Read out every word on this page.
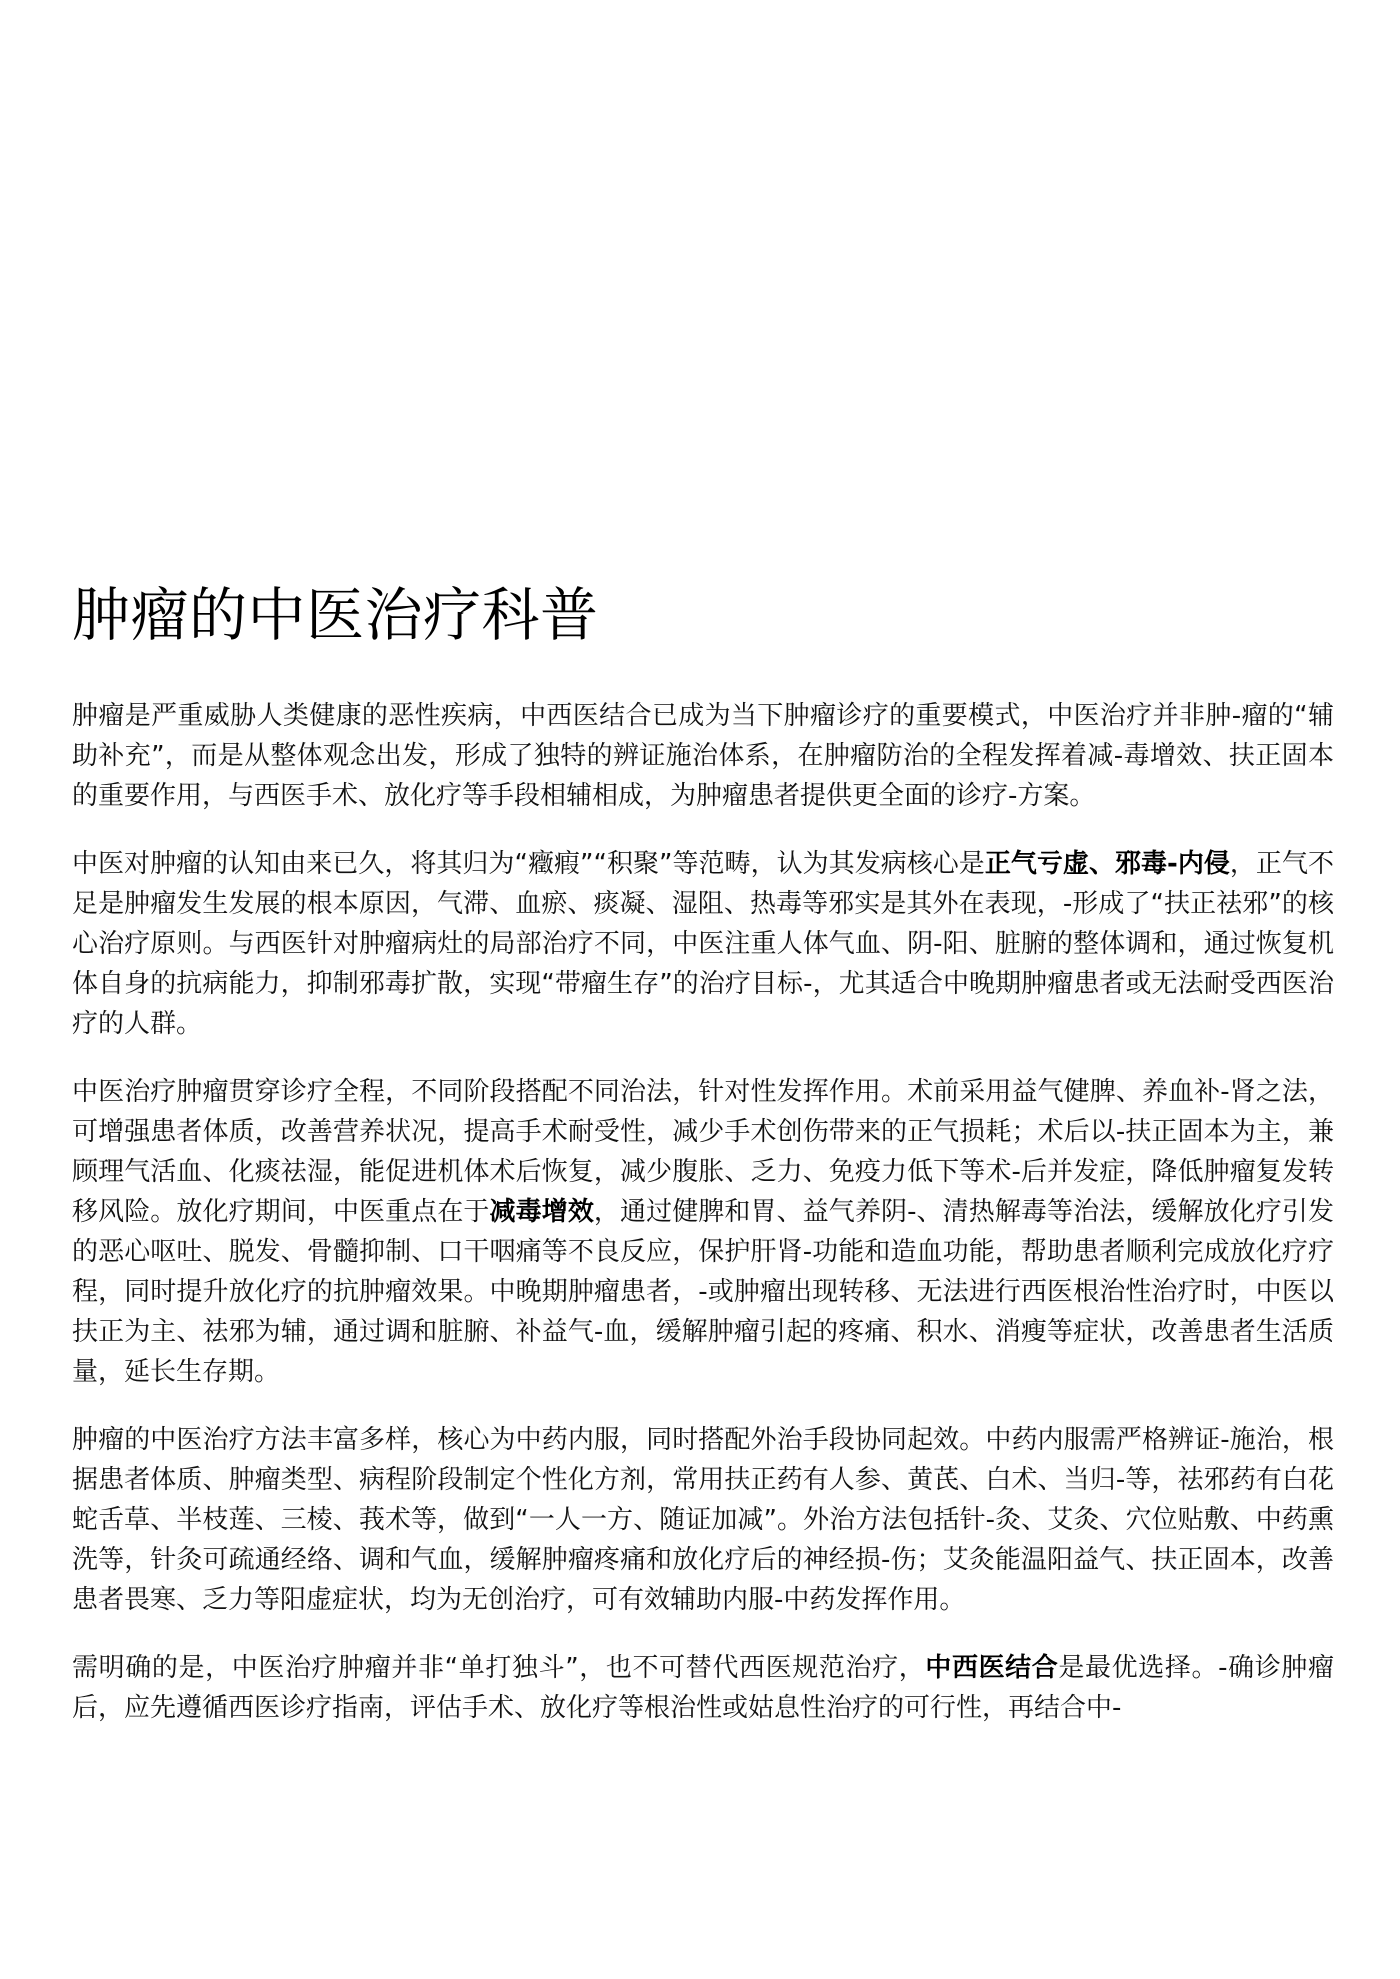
肿瘤的中医治疗科普

肿瘤是严重威胁人类健康的恶性疾病，中西医结合已成为当下肿瘤诊疗的重要模式，中医治疗并非肿-瘤的“辅助补充”，而是从整体观念出发，形成了独特的辨证施治体系，在肿瘤防治的全程发挥着减-毒增效、扶正固本的重要作用，与西医手术、放化疗等手段相辅相成，为肿瘤患者提供更全面的诊疗-方案。

中医对肿瘤的认知由来已久，将其归为“癥瘕”“积聚”等范畴，认为其发病核心是正气亏虚、邪毒-内侵，正气不足是肿瘤发生发展的根本原因，气滞、血瘀、痰凝、湿阻、热毒等邪实是其外在表现，-形成了“扶正祛邪”的核心治疗原则。与西医针对肿瘤病灶的局部治疗不同，中医注重人体气血、阴-阳、脏腑的整体调和，通过恢复机体自身的抗病能力，抑制邪毒扩散，实现“带瘤生存”的治疗目标-，尤其适合中晚期肿瘤患者或无法耐受西医治疗的人群。

中医治疗肿瘤贯穿诊疗全程，不同阶段搭配不同治法，针对性发挥作用。术前采用益气健脾、养血补-肾之法，可增强患者体质，改善营养状况，提高手术耐受性，减少手术创伤带来的正气损耗；术后以-扶正固本为主，兼顾理气活血、化痰祛湿，能促进机体术后恢复，减少腹胀、乏力、免疫力低下等术-后并发症，降低肿瘤复发转移风险。放化疗期间，中医重点在于减毒增效，通过健脾和胃、益气养阴-、清热解毒等治法，缓解放化疗引发的恶心呕吐、脱发、骨髓抑制、口干咽痛等不良反应，保护肝肾-功能和造血功能，帮助患者顺利完成放化疗疗程，同时提升放化疗的抗肿瘤效果。中晚期肿瘤患者，-或肿瘤出现转移、无法进行西医根治性治疗时，中医以扶正为主、祛邪为辅，通过调和脏腑、补益气-血，缓解肿瘤引起的疼痛、积水、消瘦等症状，改善患者生活质量，延长生存期。

肿瘤的中医治疗方法丰富多样，核心为中药内服，同时搭配外治手段协同起效。中药内服需严格辨证-施治，根据患者体质、肿瘤类型、病程阶段制定个性化方剂，常用扶正药有人参、黄芪、白术、当归-等，祛邪药有白花蛇舌草、半枝莲、三棱、莪术等，做到“一人一方、随证加减”。外治方法包括针-灸、艾灸、穴位贴敷、中药熏洗等，针灸可疏通经络、调和气血，缓解肿瘤疼痛和放化疗后的神经损-伤；艾灸能温阳益气、扶正固本，改善患者畏寒、乏力等阳虚症状，均为无创治疗，可有效辅助内服-中药发挥作用。

需明确的是，中医治疗肿瘤并非“单打独斗”，也不可替代西医规范治疗，中西医结合是最优选择。-确诊肿瘤后，应先遵循西医诊疗指南，评估手术、放化疗等根治性或姑息性治疗的可行性，再结合中-
